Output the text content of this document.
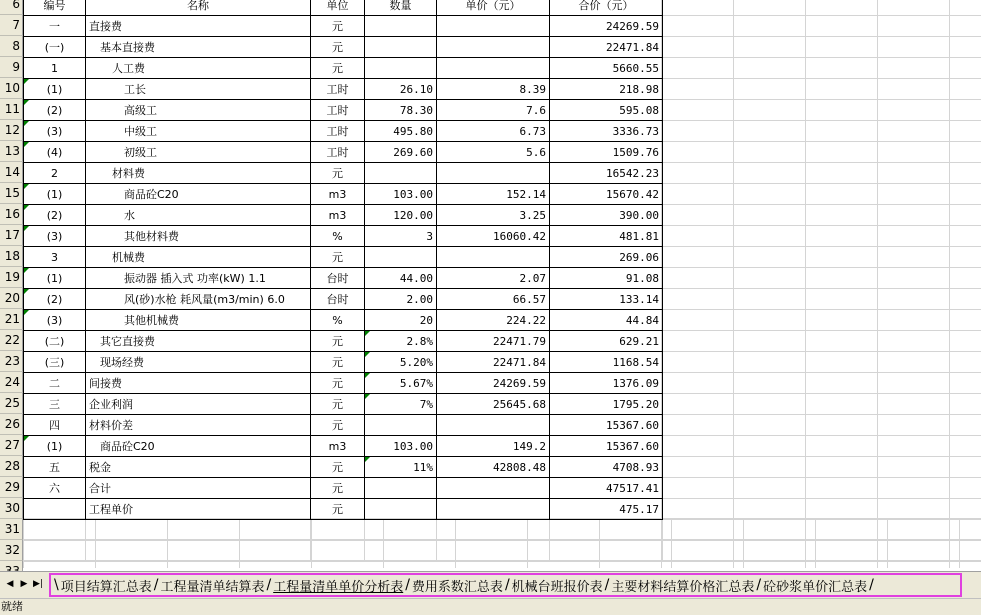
6
7
8
9
10
11
12
13
14
15
16
17
18
19
20
21
22
23
24
25
26
27
28
29
30
31
32
编号	名称	单位	数量	单价（元）	合价（元）
一	直接费	元			24269.59
(一)	基本直接费	元			22471.84
1	人工费	元			5660.55
(1)	工长	工时	26.10	8.39	218.98
(2)	高级工	工时	78.30	7.6	595.08
(3)	中级工	工时	495.80	6.73	3336.73
(4)	初级工	工时	269.60	5.6	1509.76
2	材料费	元			16542.23
(1)	商品砼C20	m3	103.00	152.14	15670.42
(2)	水	m3	120.00	3.25	390.00
(3)	其他材料费	%	3	16060.42	481.81
3	机械费	元			269.06
(1)	振动器 插入式 功率(kW) 1.1	台时	44.00	2.07	91.08
(2)	风(砂)水枪 耗风量(m3/min) 6.0	台时	2.00	66.57	133.14
(3)	其他机械费	%	20	224.22	44.84
(二)	其它直接费	元	2.8%	22471.79	629.21
(三)	现场经费	元	5.20%	22471.84	1168.54
二	间接费	元	5.67%	24269.59	1376.09
三	企业利润	元	7%	25645.68	1795.20
四	材料价差	元			15367.60
(1)	商品砼C20	m3	103.00	149.2	15367.60
五	税金	元	11%	42808.48	4708.93
六	合计	元			47517.41
	工程单价	元			475.17

◀ ▶ ▶| \ 项目结算汇总表 / 工程量清单结算表 / 工程量清单单价分析表 / 费用系数汇总表 / 机械台班报价表 / 主要材料结算价格汇总表 / 砼砂浆单价汇总表 /
就绪
